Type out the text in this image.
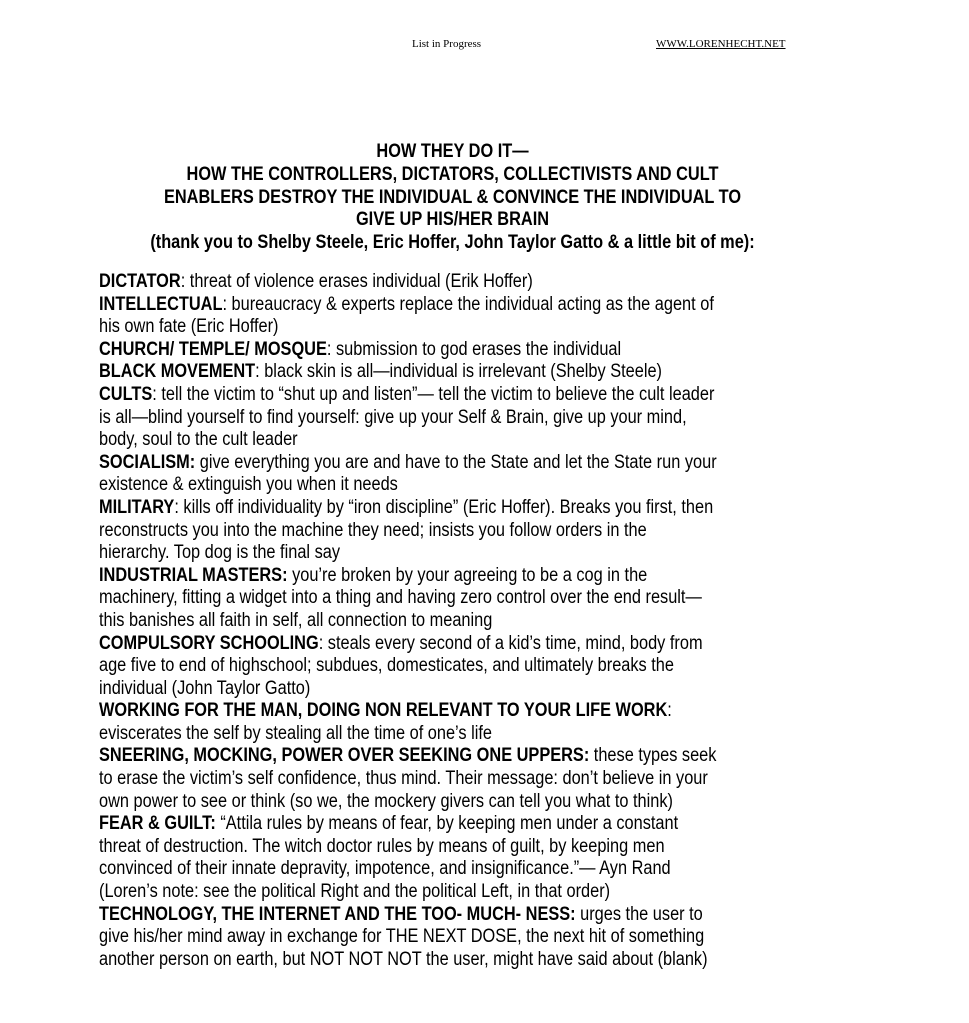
List in Progress	WWW.LORENHECHT.NET
HOW THEY DO IT—
HOW THE CONTROLLERS, DICTATORS, COLLECTIVISTS AND CULT
ENABLERS DESTROY THE INDIVIDUAL & CONVINCE THE INDIVIDUAL TO
GIVE UP HIS/HER BRAIN
(thank you to Shelby Steele, Eric Hoffer, John Taylor Gatto & a little bit of me):
DICTATOR: threat of violence erases individual (Erik Hoffer)
INTELLECTUAL: bureaucracy & experts replace the individual acting as the agent of
his own fate (Eric Hoffer)
CHURCH/ TEMPLE/ MOSQUE: submission to god erases the individual
BLACK MOVEMENT: black skin is all—individual is irrelevant (Shelby Steele)
CULTS: tell the victim to “shut up and listen”— tell the victim to believe the cult leader
is all—blind yourself to find yourself: give up your Self & Brain, give up your mind,
body, soul to the cult leader
SOCIALISM: give everything you are and have to the State and let the State run your
existence & extinguish you when it needs
MILITARY: kills off individuality by “iron discipline” (Eric Hoffer). Breaks you first, then
reconstructs you into the machine they need; insists you follow orders in the
hierarchy. Top dog is the final say
INDUSTRIAL MASTERS: you’re broken by your agreeing to be a cog in the
machinery, fitting a widget into a thing and having zero control over the end result—
this banishes all faith in self, all connection to meaning
COMPULSORY SCHOOLING: steals every second of a kid’s time, mind, body from
age five to end of highschool; subdues, domesticates, and ultimately breaks the
individual (John Taylor Gatto)
WORKING FOR THE MAN, DOING NON RELEVANT TO YOUR LIFE WORK:
eviscerates the self by stealing all the time of one’s life
SNEERING, MOCKING, POWER OVER SEEKING ONE UPPERS: these types seek
to erase the victim’s self confidence, thus mind. Their message: don’t believe in your
own power to see or think (so we, the mockery givers can tell you what to think)
FEAR & GUILT: “Attila rules by means of fear, by keeping men under a constant
threat of destruction. The witch doctor rules by means of guilt, by keeping men
convinced of their innate depravity, impotence, and insignificance.”— Ayn Rand
(Loren’s note: see the political Right and the political Left, in that order)
TECHNOLOGY, THE INTERNET AND THE TOO- MUCH- NESS: urges the user to
give his/her mind away in exchange for THE NEXT DOSE, the next hit of something
another person on earth, but NOT NOT NOT the user, might have said about (blank)
